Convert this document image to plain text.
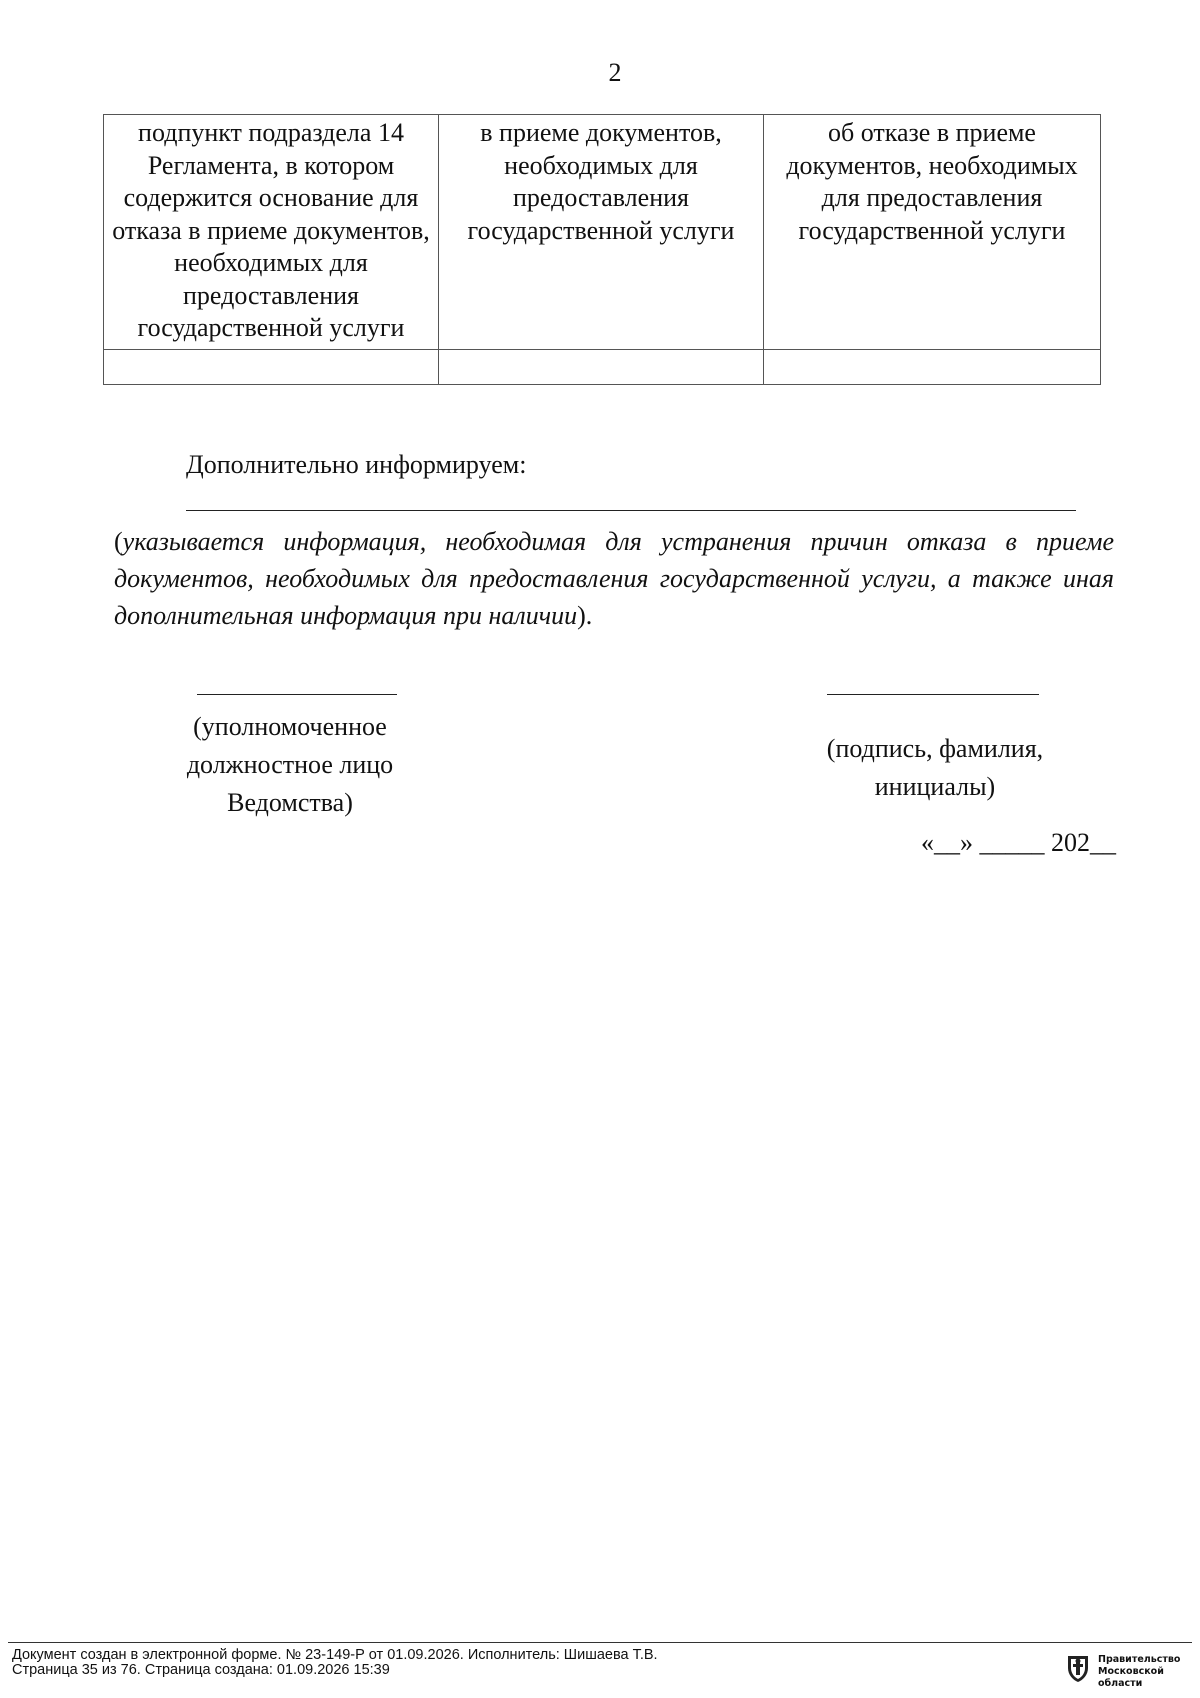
2
подпункт подраздела 14 Регламента, в котором содержится основание для отказа в приеме документов, необходимых для предоставления государственной услуги	в приеме документов, необходимых для предоставления государственной услуги	об отказе в приеме документов, необходимых для предоставления государственной услуги

Дополнительно информируем:
(указывается информация, необходимая для устранения причин отказа в приеме документов, необходимых для предоставления государственной услуги, а также иная дополнительная информация при наличии).
(уполномоченное должностное лицо Ведомства)
(подпись, фамилия, инициалы)
«__» _____ 202__
Документ создан в электронной форме. № 23-149-Р от 01.09.2026. Исполнитель: Шишаева Т.В.
Страница 35 из 76. Страница создана: 01.09.2026 15:39
Правительство
Московской области
